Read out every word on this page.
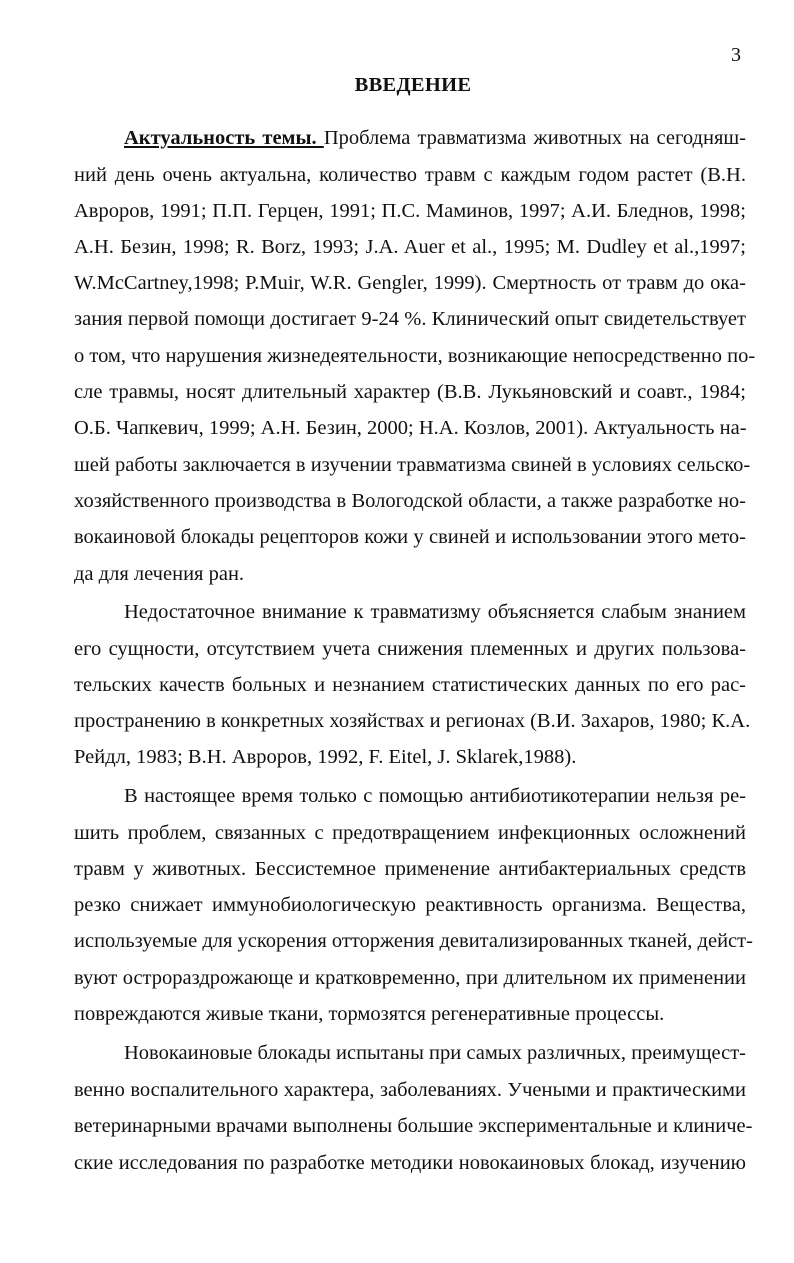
3
ВВЕДЕНИЕ
Актуальность темы. Проблема травматизма животных на сегодняш-
ний день очень актуальна, количество травм с каждым годом растет (В.Н.
Авроров, 1991; П.П. Герцен, 1991; П.С. Маминов, 1997; А.И. Бледнов, 1998;
А.Н. Безин, 1998; R. Borz, 1993; J.A. Auer et al., 1995; M. Dudley et al.,1997;
W.McCartney,1998; P.Muir, W.R. Gengler, 1999). Смертность от травм до ока-
зания первой помощи достигает 9-24 %. Клинический опыт свидетельствует
о том, что нарушения жизнедеятельности, возникающие непосредственно по-
сле травмы, носят длительный характер (В.В. Лукьяновский и соавт., 1984;
О.Б. Чапкевич, 1999; А.Н. Безин, 2000; Н.А. Козлов, 2001). Актуальность на-
шей работы заключается в изучении травматизма свиней в условиях сельско-
хозяйственного производства в Вологодской области, а также разработке но-
вокаиновой блокады рецепторов кожи у свиней и использовании этого мето-
да для лечения ран.
Недостаточное внимание к травматизму объясняется слабым знанием
его сущности, отсутствием учета снижения племенных и других пользова-
тельских качеств больных и незнанием статистических данных по его рас-
пространению в конкретных хозяйствах и регионах (В.И. Захаров, 1980; К.А.
Рейдл, 1983; В.Н. Авроров, 1992, F. Eitel, J. Sklarek,1988).
В настоящее время только с помощью антибиотикотерапии нельзя ре-
шить проблем, связанных с предотвращением инфекционных осложнений
травм у животных. Бессистемное применение антибактериальных средств
резко снижает иммунобиологическую реактивность организма. Вещества,
используемые для ускорения отторжения девитализированных тканей, дейст-
вуют острораздрожающе и кратковременно, при длительном их применении
повреждаются живые ткани, тормозятся регенеративные процессы.
Новокаиновые блокады испытаны при самых различных, преимущест-
венно воспалительного характера, заболеваниях. Учеными и практическими
ветеринарными врачами выполнены большие экспериментальные и клиниче-
ские исследования по разработке методики новокаиновых блокад, изучению
